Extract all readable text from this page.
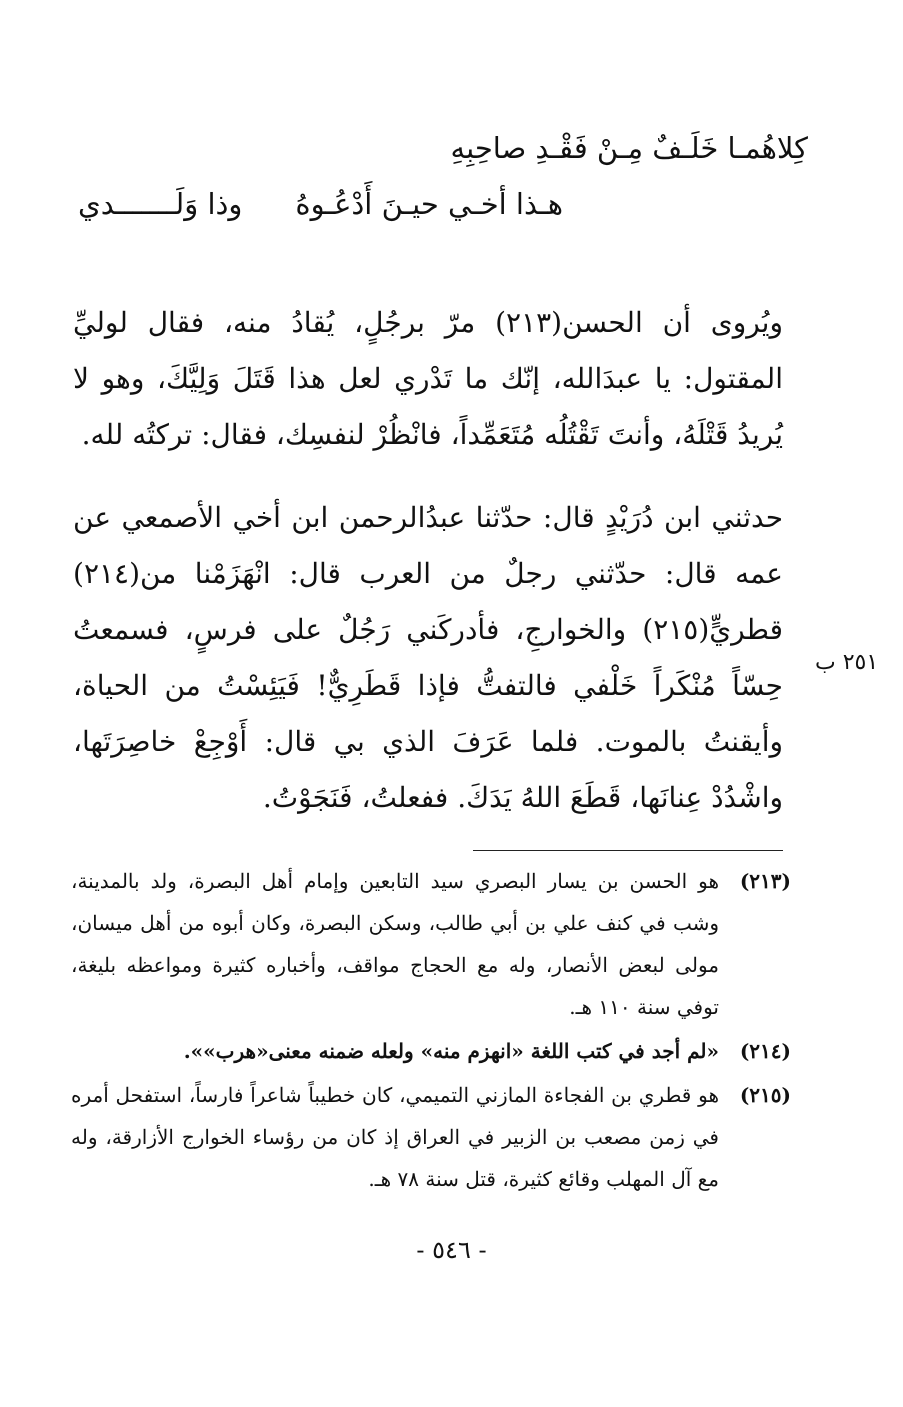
كِلاهُمـا خَلَـفٌ مِـنْ فَقْـدِ صاحِبِهِ
هـذا أخـي حيـنَ أَدْعُـوهُ
وذا وَلَـــــــدي
ويُروى أن الحسن(٢١٣) مرّ برجُلٍ، يُقادُ منه، فقال لوليِّ المقتول: يا عبدَالله، إنّك ما تَدْري لعل هذا قَتَلَ وَلِيَّكَ، وهو لا يُريدُ قَتْلَهُ، وأنتَ تَقْتُلُه مُتَعَمِّداً، فانْظُرْ لنفسِك، فقال: تركتُه لله.
حدثني ابن دُرَيْدٍ قال: حدّثنا عبدُالرحمن ابن أخي الأصمعي عن عمه قال: حدّثني رجلٌ من العرب قال: انْهَزَمْنا من(٢١٤) قطريٍّ(٢١٥) والخوارجِ، فأدركَني رَجُلٌ على فرسٍ، فسمعتُ حِسّاً مُنْكَراً خَلْفي فالتفتُّ فإذا قَطَرِيٌّ! فَيَئِسْتُ من الحياة، وأيقنتُ بالموت. فلما عَرَفَ الذي بي قال: أَوْجِعْ خاصِرَتَها، واشْدُدْ عِنانَها، قَطَعَ اللهُ يَدَكَ. ففعلتُ، فَنَجَوْتُ.
٢٥١ ب
(٢١٣)
هو الحسن بن يسار البصري سيد التابعين وإمام أهل البصرة، ولد بالمدينة، وشب في كنف علي بن أبي طالب، وسكن البصرة، وكان أبوه من أهل ميسان، مولى لبعض الأنصار، وله مع الحجاج مواقف، وأخباره كثيرة ومواعظه بليغة، توفي سنة ١١٠ هـ.
(٢١٤)
«لم أجد في كتب اللغة «انهزم منه» ولعله ضمنه معنى«هرب»».
(٢١٥)
هو قطري بن الفجاءة المازني التميمي، كان خطيباً شاعراً فارساً، استفحل أمره في زمن مصعب بن الزبير في العراق إذ كان من رؤساء الخوارج الأزارقة، وله مع آل المهلب وقائع كثيرة، قتل سنة ٧٨ هـ.
- ٥٤٦ -
